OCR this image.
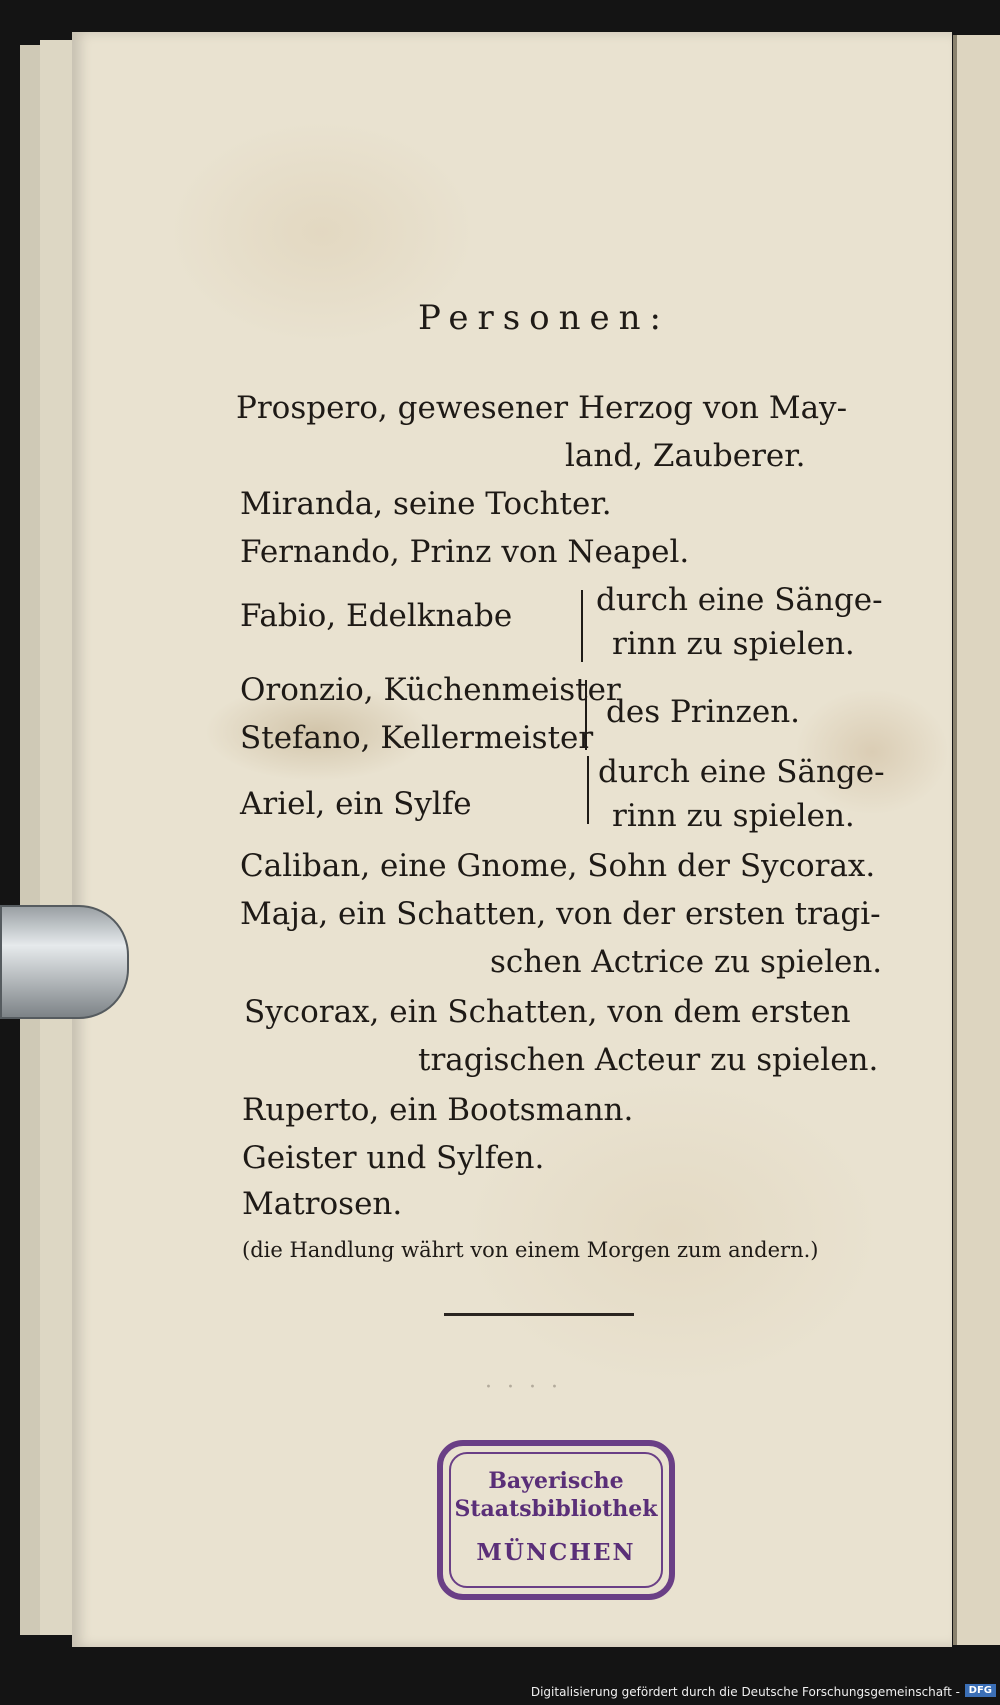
Personen:
Prospero, gewesener Herzog von May-
land, Zauberer.
Miranda, seine Tochter.
Fernando, Prinz von Neapel.
Fabio, Edelknabe	durch eine Sänge-
rinn zu spielen.
Oronzio, Küchenmeister
Stefano, Kellermeister
des Prinzen.
Ariel, ein Sylfe
durch eine Sänge-
rinn zu spielen.
Caliban, eine Gnome, Sohn der Sycorax.
Maja, ein Schatten, von der ersten tragi-
schen Actrice zu spielen.
Sycorax, ein Schatten, von dem ersten
tragischen Acteur zu spielen.
Ruperto, ein Bootsmann.
Geister und Sylfen.
Matrosen.
(die Handlung währt von einem Morgen zum andern.)
· · · ·
Bayerische
Staatsbibliothek
MÜNCHEN
Digitalisierung gefördert durch die Deutsche Forschungsgemeinschaft - DFG
